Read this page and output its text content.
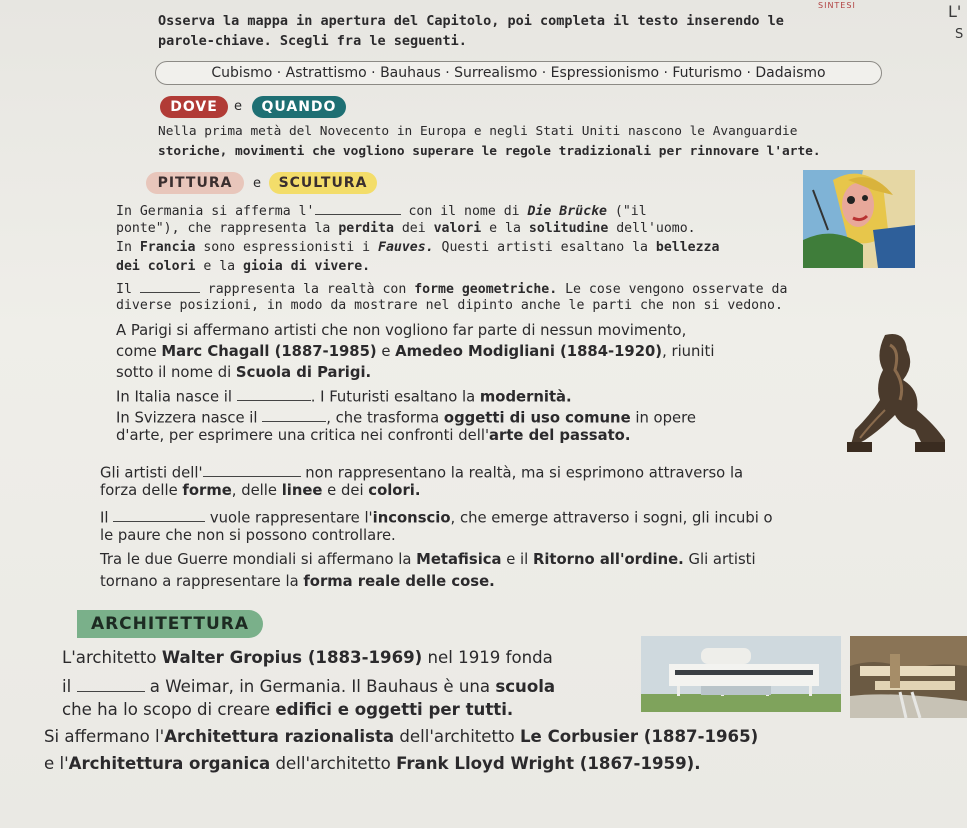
SINTESI	L'
S
Osserva la mappa in apertura del Capitolo, poi completa il testo inserendo le
parole-chiave. Scegli fra le seguenti.
Cubismo · Astrattismo · Bauhaus · Surrealismo · Espressionismo · Futurismo · Dadaismo
DOVE	e	QUANDO
Nella prima metà del Novecento in Europa e negli Stati Uniti nascono le Avanguardie
storiche, movimenti che vogliono superare le regole tradizionali per rinnovare l'arte.
PITTURA	e	SCULTURA
In Germania si afferma l'	con il nome di Die Brücke ("il
ponte"), che rappresenta la perdita dei valori e la solitudine dell'uomo.
In Francia sono espressionisti i Fauves. Questi artisti esaltano la bellezza
dei colori e la gioia di vivere.
Il	rappresenta la realtà con forme geometriche. Le cose vengono osservate da
diverse posizioni, in modo da mostrare nel dipinto anche le parti che non si vedono.
A Parigi si affermano artisti che non vogliono far parte di nessun movimento,
come Marc Chagall (1887-1985) e Amedeo Modigliani (1884-1920), riuniti
sotto il nome di Scuola di Parigi.
In Italia nasce il	. I Futuristi esaltano la modernità.
In Svizzera nasce il	, che trasforma oggetti di uso comune in opere
d'arte, per esprimere una critica nei confronti dell'arte del passato.
Gli artisti dell'	non rappresentano la realtà, ma si esprimono attraverso la
forza delle forme, delle linee e dei colori.
Il	vuole rappresentare l'inconscio, che emerge attraverso i sogni, gli incubi o
le paure che non si possono controllare.
Tra le due Guerre mondiali si affermano la Metafisica e il Ritorno all'ordine. Gli artisti
tornano a rappresentare la forma reale delle cose.
ARCHITETTURA
L'architetto Walter Gropius (1883-1969) nel 1919 fonda
il	a Weimar, in Germania. Il Bauhaus è una scuola
che ha lo scopo di creare edifici e oggetti per tutti.
Si affermano l'Architettura razionalista dell'architetto Le Corbusier (1887-1965)
e l'Architettura organica dell'architetto Frank Lloyd Wright (1867-1959).
